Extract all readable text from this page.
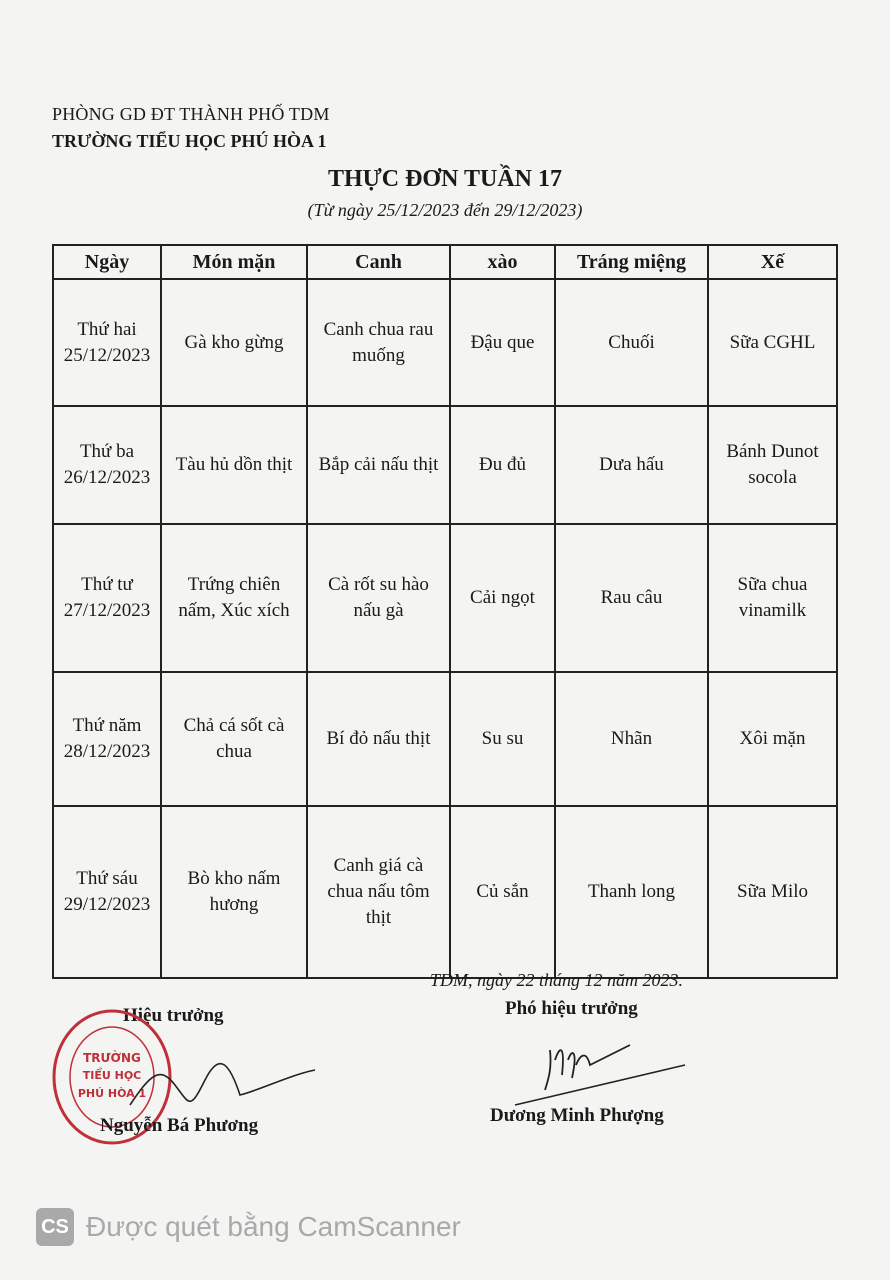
PHÒNG GD ĐT THÀNH PHỐ TDM
TRƯỜNG TIỂU HỌC PHÚ HÒA 1
THỰC ĐƠN TUẦN 17
(Từ ngày 25/12/2023 đến 29/12/2023)
Ngày	Món mặn	Canh	xào	Tráng miệng	Xế

Thứ hai
25/12/2023	Gà kho gừng	Canh chua rau muống	Đậu que	Chuối	Sữa CGHL

Thứ ba
26/12/2023	Tàu hủ dồn thịt	Bắp cải nấu thịt	Đu đủ	Dưa hấu	Bánh Dunot socola

Thứ tư
27/12/2023	Trứng chiên nấm, Xúc xích	Cà rốt su hào nấu gà	Cải ngọt	Rau câu	Sữa chua vinamilk

Thứ năm
28/12/2023	Chả cá sốt cà chua	Bí đỏ nấu thịt	Su su	Nhãn	Xôi mặn

Thứ sáu
29/12/2023	Bò kho nấm hương	Canh giá cà chua nấu tôm thịt	Củ sắn	Thanh long	Sữa Milo
TDM, ngày 22 tháng 12 năm 2023.
Hiệu trưởng	Phó hiệu trưởng
TRƯỜNG
TIỂU HỌC
PHÚ HÒA 1
Nguyễn Bá Phương	Dương Minh Phượng
CS Được quét bằng CamScanner
